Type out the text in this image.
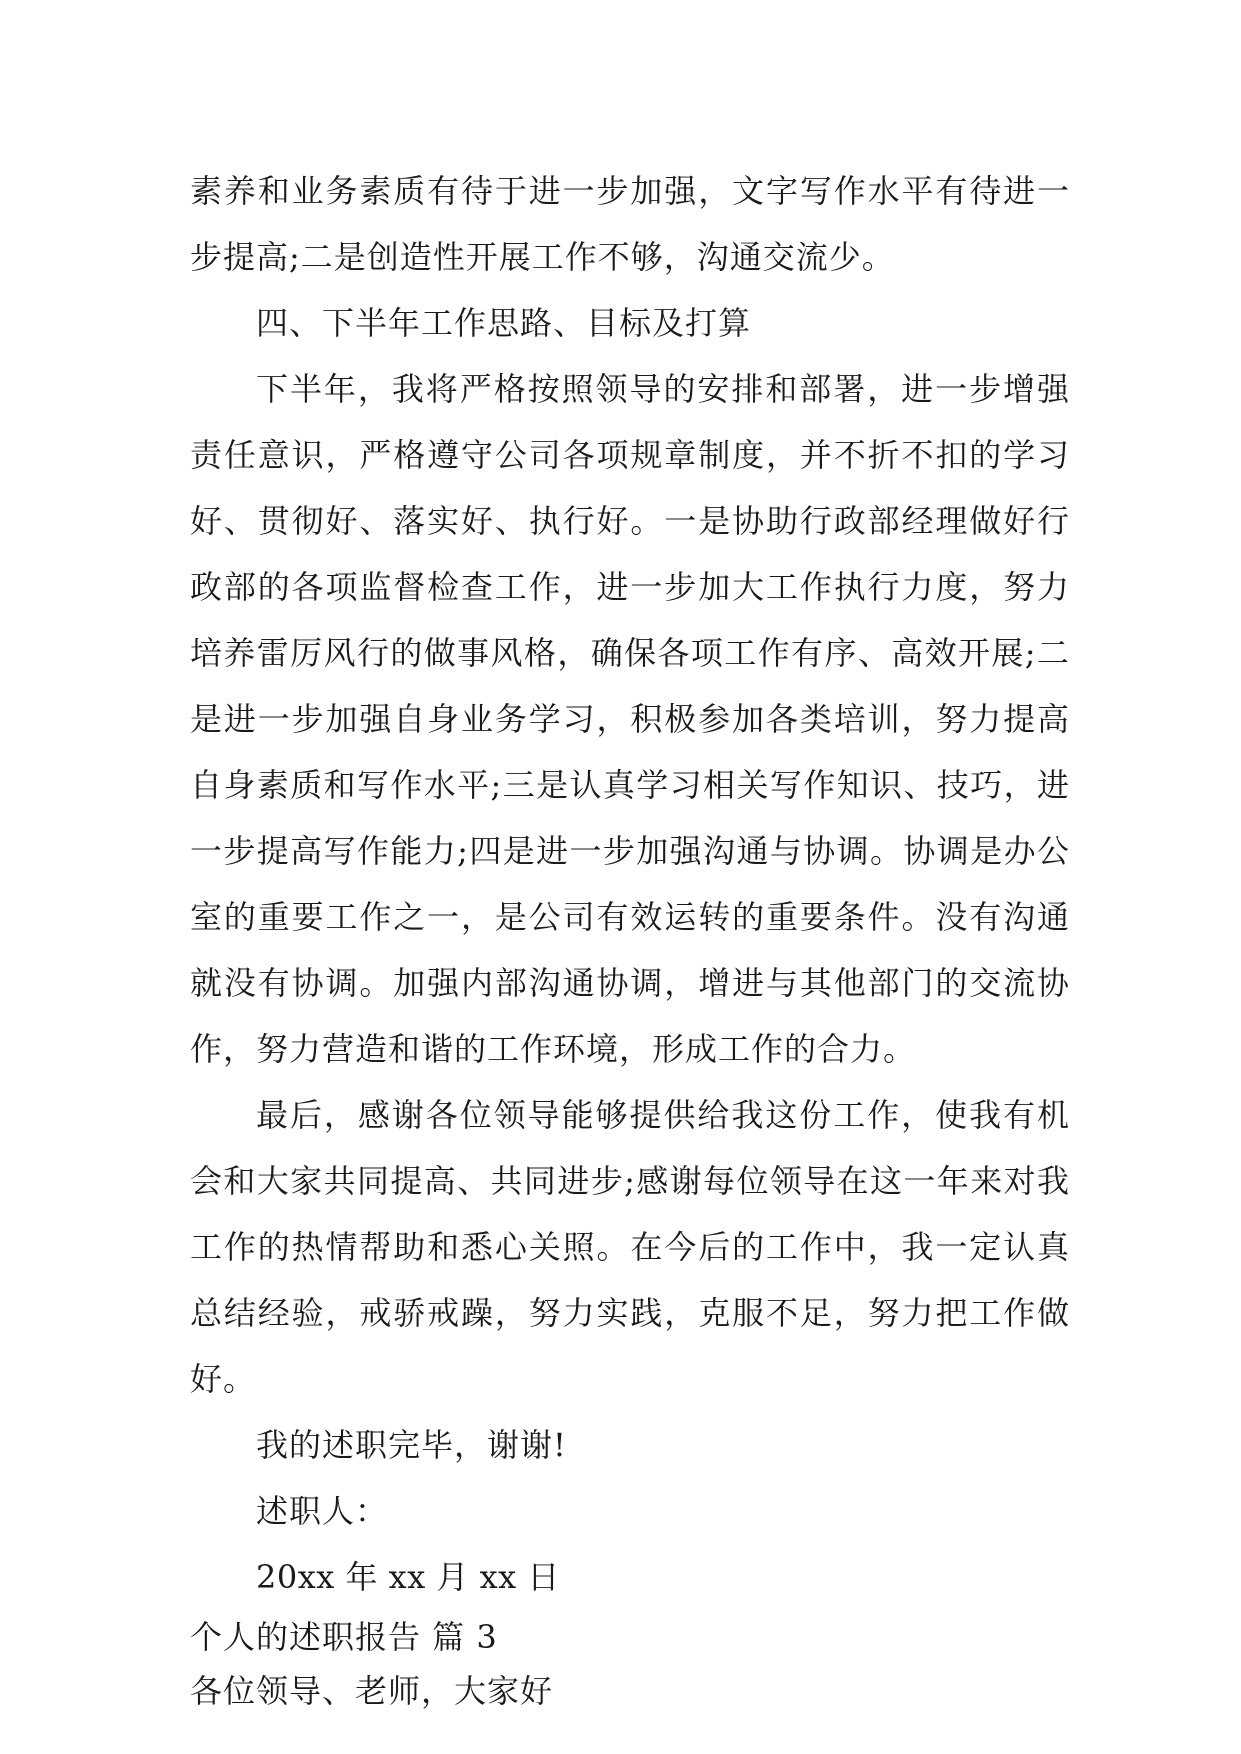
素养和业务素质有待于进一步加强，文字写作水平有待进一步提高;二是创造性开展工作不够，沟通交流少。

四、下半年工作思路、目标及打算

下半年，我将严格按照领导的安排和部署，进一步增强责任意识，严格遵守公司各项规章制度，并不折不扣的学习好、贯彻好、落实好、执行好。一是协助行政部经理做好行政部的各项监督检查工作，进一步加大工作执行力度，努力培养雷厉风行的做事风格，确保各项工作有序、高效开展;二是进一步加强自身业务学习，积极参加各类培训，努力提高自身素质和写作水平;三是认真学习相关写作知识、技巧，进一步提高写作能力;四是进一步加强沟通与协调。协调是办公室的重要工作之一，是公司有效运转的重要条件。没有沟通就没有协调。加强内部沟通协调，增进与其他部门的交流协作，努力营造和谐的工作环境，形成工作的合力。

最后，感谢各位领导能够提供给我这份工作，使我有机会和大家共同提高、共同进步;感谢每位领导在这一年来对我工作的热情帮助和悉心关照。在今后的工作中，我一定认真总结经验，戒骄戒躁，努力实践，克服不足，努力把工作做好。

我的述职完毕，谢谢!

述职人：

20xx 年 xx 月 xx 日

个人的述职报告 篇 3

各位领导、老师，大家好
